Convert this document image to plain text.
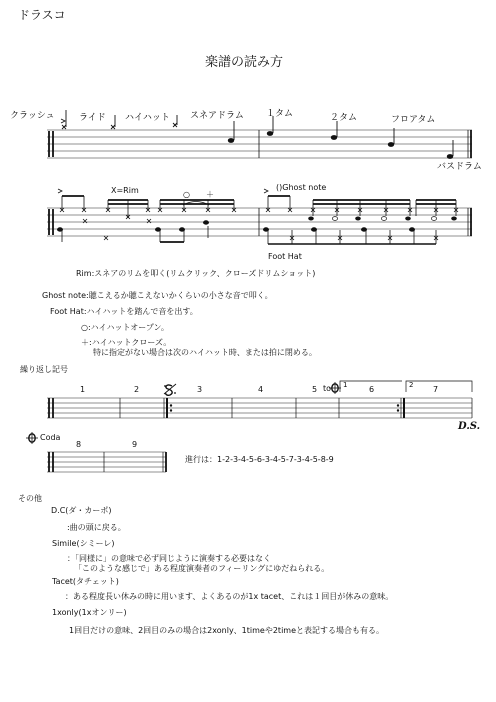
ドラスコ
楽譜の読み方
クラッシュ	ライド ハイハット スネアドラム １タム	２タム	フロアタム
バスドラム
X=Rim	○ ＋
()Ghost note
Foot Hat
Rim:スネアのリムを叩く(リムクリック、クローズドリムショット)
Ghost note:聴こえるか聴こえないかくらいの小さな音で叩く。
Foot Hat:ハイハットを踏んで音を出す。
○:ハイハットオープン。
＋:ハイハットクローズ。
特に指定がない場合は次のハイハット時、または拍に閉める。
繰り返し記号
1	2	3	4	5	6	7
to 1	2
D.S.
Coda
8	9
進行は：1-2-3-4-5-6-3-4-5-7-3-4-5-8-9
その他
D.C(ダ・カーポ)
:曲の頭に戻る。
Simile(シミーレ)
：「同様に」の意味で必ず同じように演奏する必要はなく
「このような感じで」ある程度演奏者のフィーリングにゆだねられる。
Tacet(タチェット)
：ある程度長い休みの時に用います、よくあるのが1x tacet、これは１回目が休みの意味。
1xonly(1xオンリー)
1回目だけの意味、2回目のみの場合は2xonly、1timeや2timeと表記する場合も有る。
